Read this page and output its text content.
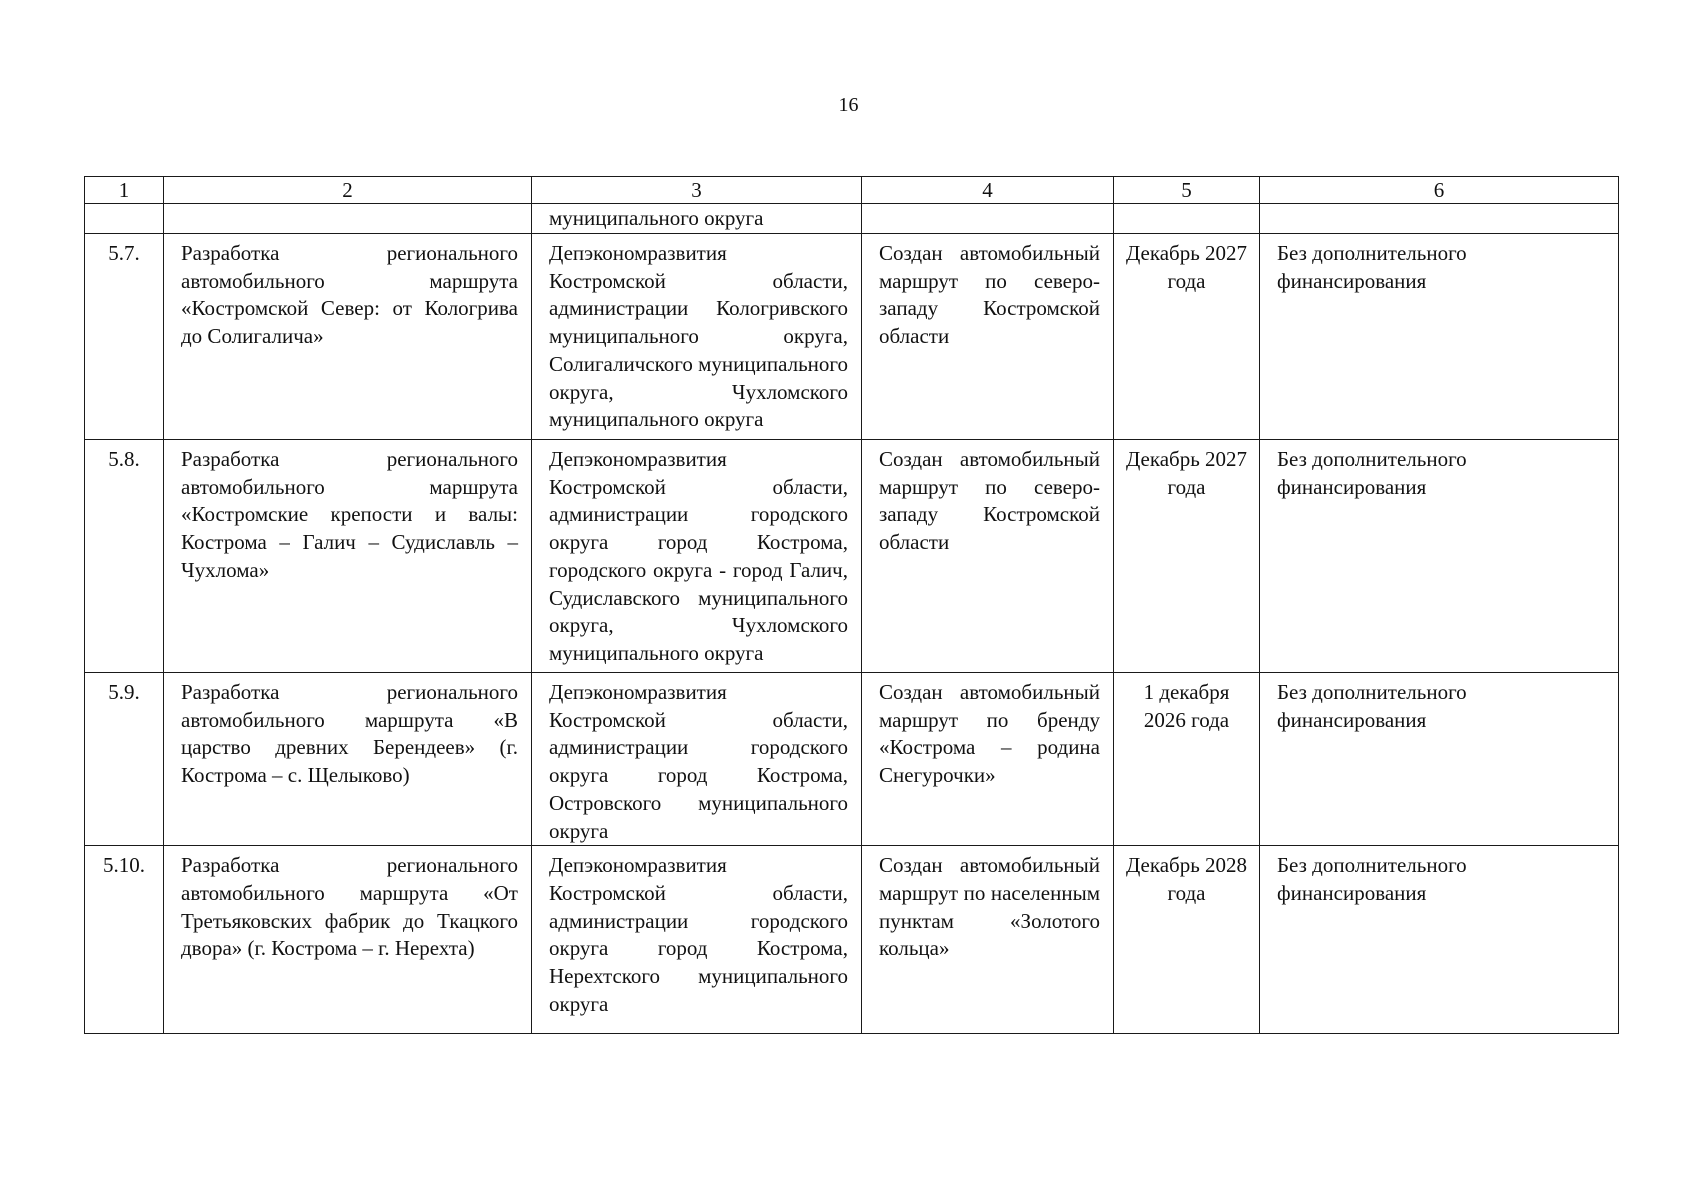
16
1	2	3	4	5	6
		муниципального округа			
5.7.	Разработка регионального автомобильного маршрута «Костромской Север: от Кологрива до Солигалича»	Депэкономразвития Костромской области, администрации Кологривского муниципального округа, Солигаличского муниципального округа, Чухломского муниципального округа	Создан автомобильный маршрут по северо-западу Костромской области	Декабрь 2027 года	Без дополнительного финансирования
5.8.	Разработка регионального автомобильного маршрута «Костромские крепости и валы: Кострома – Галич – Судиславль – Чухлома»	Депэкономразвития Костромской области, администрации городского округа город Кострома, городского округа - город Галич, Судиславского муниципального округа, Чухломского муниципального округа	Создан автомобильный маршрут по северо-западу Костромской области	Декабрь 2027 года	Без дополнительного финансирования
5.9.	Разработка регионального автомобильного маршрута «В царство древних Берендеев» (г. Кострома – с. Щелыково)	Депэкономразвития Костромской области, администрации городского округа город Кострома, Островского муниципального округа	Создан автомобильный маршрут по бренду «Кострома – родина Снегурочки»	1 декабря 2026 года	Без дополнительного финансирования
5.10.	Разработка регионального автомобильного маршрута «От Третьяковских фабрик до Ткацкого двора» (г. Кострома – г. Нерехта)	Депэкономразвития Костромской области, администрации городского округа город Кострома, Нерехтского муниципального округа	Создан автомобильный маршрут по населенным пунктам «Золотого кольца»	Декабрь 2028 года	Без дополнительного финансирования
